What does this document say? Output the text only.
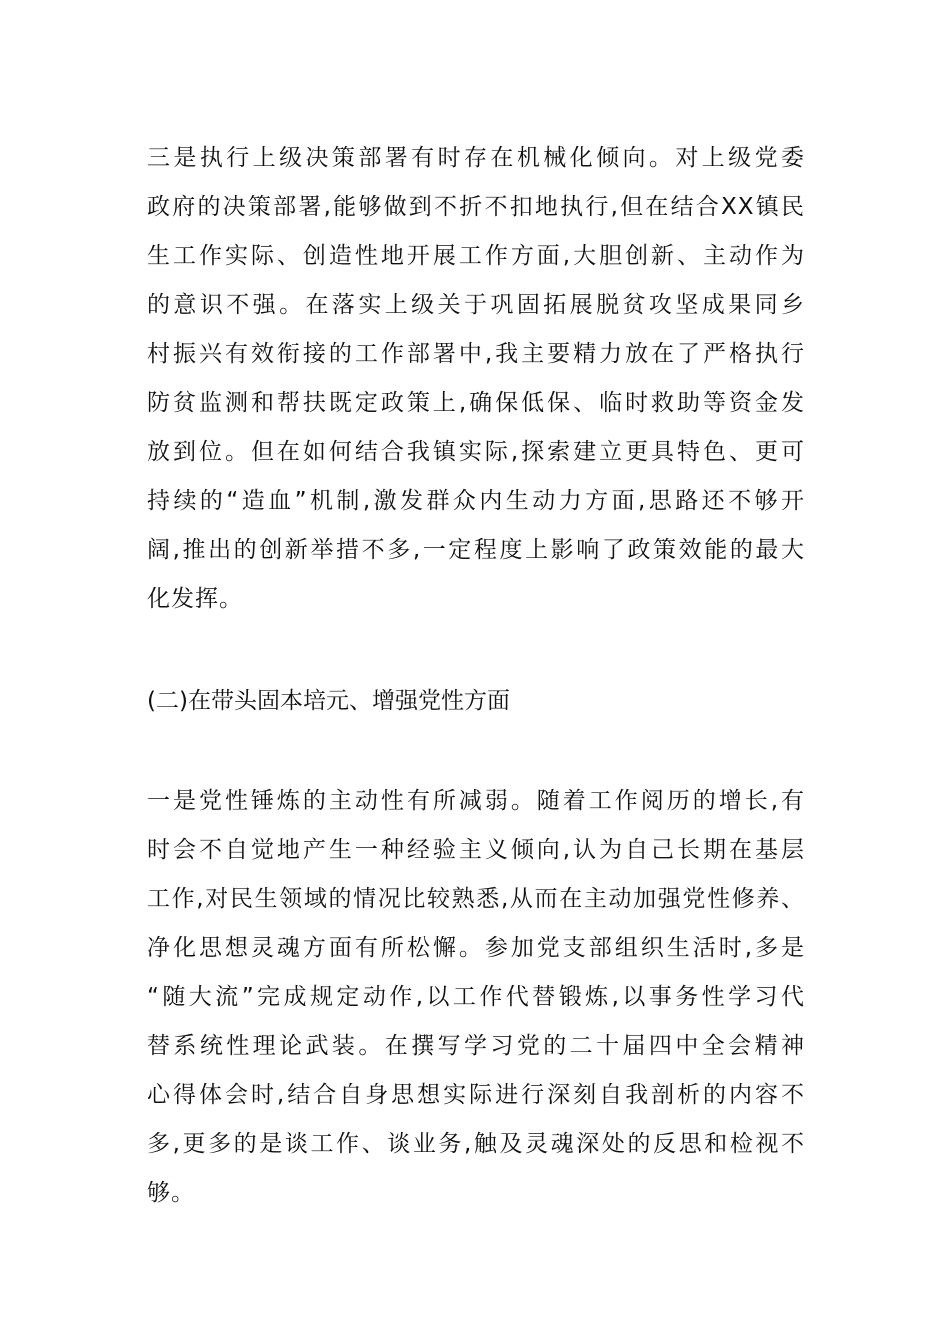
三是执行上级决策部署有时存在机械化倾向。对上级党委
政府的决策部署,能够做到不折不扣地执行,但在结合XX镇民
生工作实际、创造性地开展工作方面,大胆创新、主动作为
的意识不强。在落实上级关于巩固拓展脱贫攻坚成果同乡
村振兴有效衔接的工作部署中,我主要精力放在了严格执行
防贫监测和帮扶既定政策上,确保低保、临时救助等资金发
放到位。但在如何结合我镇实际,探索建立更具特色、更可
持续的“造血”机制,激发群众内生动力方面,思路还不够开
阔,推出的创新举措不多,一定程度上影响了政策效能的最大
化发挥。
(二)在带头固本培元、增强党性方面
一是党性锤炼的主动性有所减弱。随着工作阅历的增长,有
时会不自觉地产生一种经验主义倾向,认为自己长期在基层
工作,对民生领域的情况比较熟悉,从而在主动加强党性修养、
净化思想灵魂方面有所松懈。参加党支部组织生活时,多是
“随大流”完成规定动作,以工作代替锻炼,以事务性学习代
替系统性理论武装。在撰写学习党的二十届四中全会精神
心得体会时,结合自身思想实际进行深刻自我剖析的内容不
多,更多的是谈工作、谈业务,触及灵魂深处的反思和检视不
够。
